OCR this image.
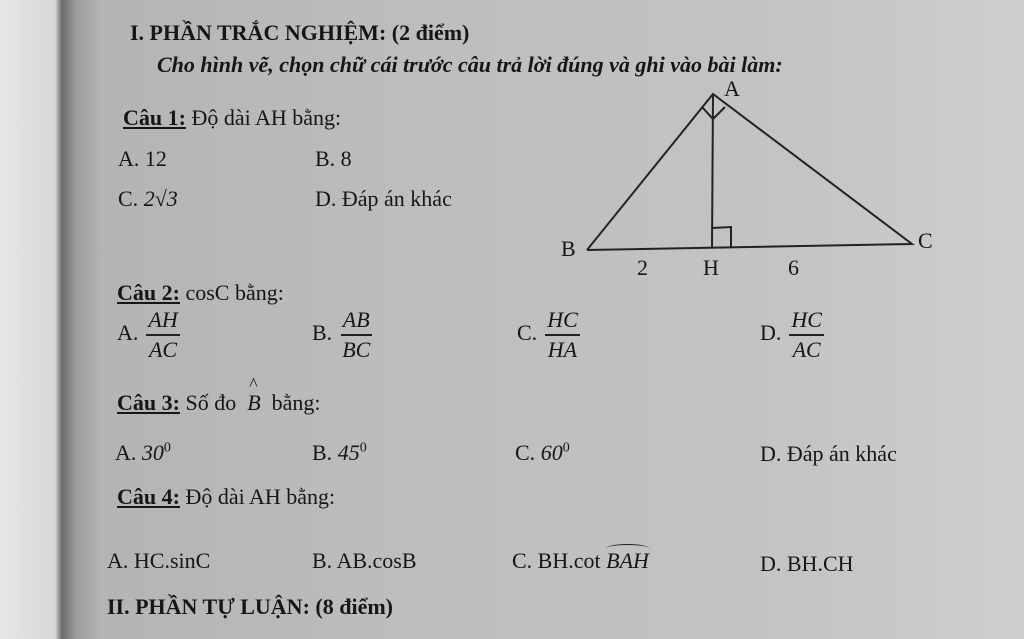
I. PHẦN TRẮC NGHIỆM: (2 điểm)
Cho hình vẽ, chọn chữ cái trước câu trả lời đúng và ghi vào bài làm:
A
B	C
H
2	6
Câu 1: Độ dài AH bằng:
A. 12	B. 8
C. 2√3	D. Đáp án khác
Câu 2: cosC bằng:
A. $\frac{AH}{AC}$	B. $\frac{AB}{BC}$	C. $\frac{HC}{HA}$	D. $\frac{HC}{AC}$
Câu 3: Số đo ^ B bằng:
A. $30^0$	B. $45^0$	C. $60^0$	D. Đáp án khác
Câu 4: Độ dài AH bằng:
A. HC.sinC	B. AB.cosB	C. BH.cot BAH	D. BH.CH
II. PHẦN TỰ LUẬN: (8 điểm)
